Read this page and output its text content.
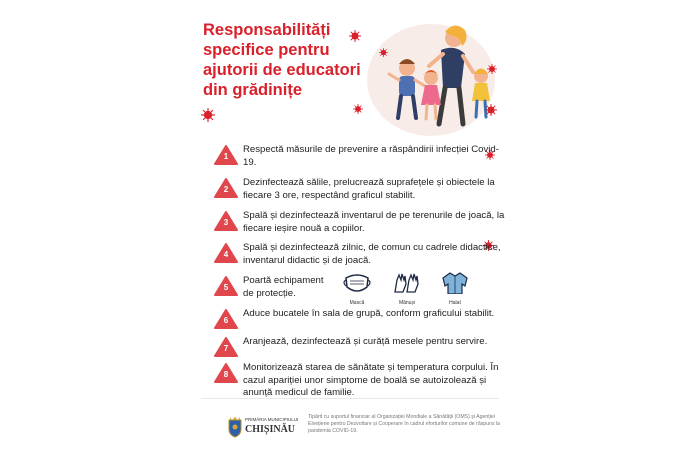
Responsabilități
specifice pentru
ajutorii de educatori
din grădinițe
1
Respectă măsurile de prevenire a răspândirii infecției Covid-19.
2
Dezinfectează sălile, prelucrează suprafețele și obiectele la fiecare 3 ore, respectând graficul stabilit.
3
Spală și dezinfectează inventarul de pe terenurile de joacă, la fiecare ieșire nouă a copiilor.
4
Spală și dezinfectează zilnic, de comun cu cadrele didactice, inventarul didactic și de joacă.
5
Poartă echipament de protecție.
6
Aduce bucatele în sala de grupă, conform graficului stabilit.
7
Aranjează, dezinfectează și curăță mesele pentru servire.
8
Monitorizează starea de sănătate și temperatura corpului. În cazul apariției unor simptome de boală se autoizolează și anunță medicul de familie.
Mască	Mănuși	Halat
PRIMĂRIA MUNICIPIULUI
CHIȘINĂU
Tipărit cu suportul financiar al Organizației Mondiale a Sănătății (OMS) și Agenției Elvețiene pentru Dezvoltare și Cooperare în cadrul eforturilor comune de răspuns la pandemia COVID-19.
